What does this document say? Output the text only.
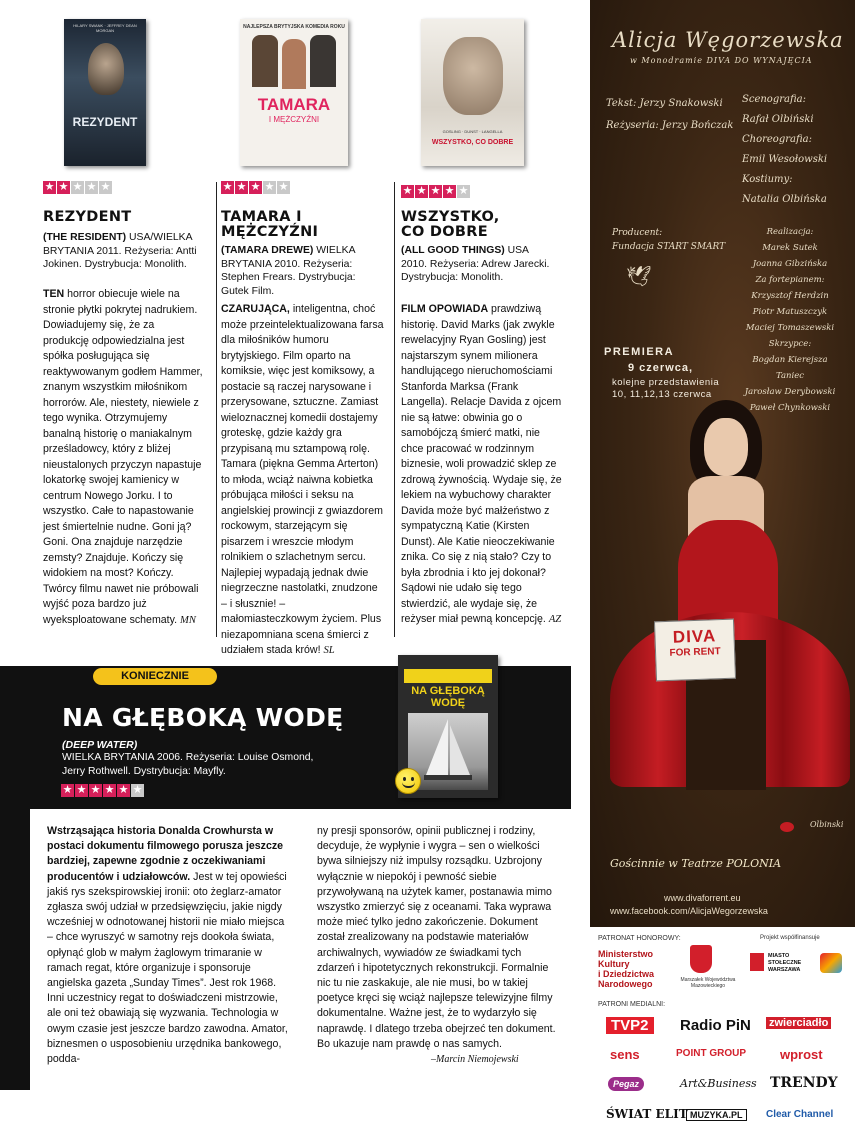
HILARY SWANK · JEFFREY DEAN MORGAN
REZYDENT
★ ★ ★ ★ ★
REZYDENT
(THE RESIDENT) USA/WIELKA BRYTANIA 2011. Reżyseria: Antti Jokinen. Dystrybucja: Monolith.
TEN horror obiecuje wiele na stronie płytki pokrytej nadrukiem. Dowiadujemy się, że za produkcję odpowiedzialna jest spółka posługująca się reaktywowanym godłem Hammer, znanym wszystkim miłośnikom horrorów. Ale, niestety, niewiele z tego wynika. Otrzymujemy banalną historię o maniakalnym prześladowcy, który z bliżej nieustalonych przyczyn napastuje lokatorkę swojej kamienicy w centrum Nowego Jorku. I to wszystko. Całe to napastowanie jest śmiertelnie nudne. Goni ją? Goni. Ona znajduje narzędzie zemsty? Znajduje. Kończy się widokiem na most? Kończy. Twórcy filmu nawet nie próbowali wyjść poza bardzo już wyeksploatowane schematy. MN
NAJLEPSZA BRYTYJSKA KOMEDIA ROKU
TAMARA
I MĘŻCZYŹNI
★ ★ ★ ★ ★
TAMARA I MĘŻCZYŹNI
(TAMARA DREWE) WIELKA BRYTANIA 2010. Reżyseria: Stephen Frears. Dystrybucja: Gutek Film.
CZARUJĄCA, inteligentna, choć może przeintelektualizowana farsa dla miłośników humoru brytyjskiego. Film oparto na komiksie, więc jest komiksowy, a postacie są raczej narysowane i przerysowane, sztuczne. Zamiast wieloznacznej komedii dostajemy groteskę, gdzie każdy gra przypisaną mu sztampową rolę. Tamara (piękna Gemma Arterton) to młoda, wciąż naiwna kobietka próbująca miłości i seksu na angielskiej prowincji z gwiazdorem rockowym, starzejącym się pisarzem i wreszcie młodym rolnikiem o szlachetnym sercu. Najlepiej wypadają jednak dwie niegrzeczne nastolatki, znudzone – i słusznie! – małomiasteczkowym życiem. Plus niezapomniana scena śmierci z udziałem stada krów! SL
GOSLING · DUNST · LANGELLA
WSZYSTKO, CO DOBRE
★ ★ ★ ★ ★
WSZYSTKO, CO DOBRE
(ALL GOOD THINGS) USA 2010. Reżyseria: Adrew Jarecki. Dystrybucja: Monolith.
FILM OPOWIADA prawdziwą historię. David Marks (jak zwykle rewelacyjny Ryan Gosling) jest najstarszym synem milionera handlującego nieruchomościami Stanforda Marksa (Frank Langella). Relacje Davida z ojcem nie są łatwe: obwinia go o samobójczą śmierć matki, nie chce pracować w rodzinnym biznesie, woli prowadzić sklep ze zdrową żywnością. Wydaje się, że lekiem na wybuchowy charakter Davida może być małżeństwo z sympatyczną Katie (Kirsten Dunst). Ale Katie nieoczekiwanie znika. Co się z nią stało? Czy to była zbrodnia i kto jej dokonał? Sądowi nie udało się tego stwierdzić, ale wydaje się, że reżyser miał pewną koncepcję. AZ
KONIECZNIE
NA GŁĘBOKĄ WODĘ
(DEEP WATER)
WIELKA BRYTANIA 2006. Reżyseria: Louise Osmond, Jerry Rothwell. Dystrybucja: Mayfly.
★ ★ ★ ★ ★ ★
NA GŁĘBOKĄ WODĘ
Wstrząsająca historia Donalda Crowhursta w postaci dokumentu filmowego porusza jeszcze bardziej, zapewne zgodnie z oczekiwaniami producentów i udziałowców. Jest w tej opowieści jakiś rys szekspirowskiej ironii: oto żeglarz-amator zgłasza swój udział w przedsięwzięciu, jakie nigdy wcześniej w odnotowanej historii nie miało miejsca – chce wyruszyć w samotny rejs dookoła świata, opłynąć glob w małym żaglowym trimaranie w ramach regat, które organizuje i sponsoruje angielska gazeta „Sunday Times”. Jest rok 1968. Inni uczestnicy regat to doświadczeni mistrzowie, ale oni też obawiają się wyzwania. Technologia w owym czasie jest jeszcze bardzo zawodna. Amator, biznesmen o usposobieniu urzędnika bankowego, podda-
ny presji sponsorów, opinii publicznej i rodziny, decyduje, że wypłynie i wygra – sen o wielkości bywa silniejszy niż impulsy rozsądku. Uzbrojony wyłącznie w niepokój i pewność siebie przywoływaną na użytek kamer, postanawia mimo wszystko zmierzyć się z oceanami. Taka wyprawa może mieć tylko jedno zakończenie. Dokument został zrealizowany na podstawie materiałów archiwalnych, wywiadów ze świadkami tych zdarzeń i hipotetycznych rekonstrukcji. Formalnie nic tu nie zaskakuje, ale nie musi, bo w takiej poetyce kręci się wciąż najlepsze telewizyjne filmy dokumentalne. Ważne jest, że to wydarzyło się naprawdę. I dlatego trzeba obejrzeć ten dokument. Bo ukazuje nam prawdę o nas samych.
–Marcin Niemojewski
Alicja Węgorzewska
w Monodramie DIVA DO WYNAJĘCIA
Tekst: Jerzy Snakowski
Reżyseria: Jerzy Bończak
Scenografia:
Rafał Olbiński
Choreografia:
Emil Wesołowski
Kostiumy:
Natalia Olbińska
Producent:
Fundacja START SMART
🕊
Realizacja:
Marek Sutek
Joanna Gibzińska
Za fortepianem:
Krzysztof Herdzin
Piotr Matuszczyk
Maciej Tomaszewski
Skrzypce:
Bogdan Kierejsza
Taniec
Jarosław Derybowski
Paweł Chynkowski
PREMIERA
9 czerwca,
kolejne przedstawienia
10, 11,12,13 czerwca
DIVA
FOR RENT
Olbinski
Gościnnie w Teatrze POLONIA
www.divaforrent.eu
www.facebook.com/AlicjaWegorzewska
PATRONAT HONOROWY:
Ministerstwo
Kultury
i Dziedzictwa
Narodowego	Marszałek Województwa Mazowieckiego
Projekt współfinansuje
MIASTO STOŁECZNE WARSZAWA
PATRONI MEDIALNI:
TVP2	Radio PiN zwierciadło
sens	POINT GROUP	wprost
Pegaz	Art&Business TRENDY
ŚWIAT ELIT MUZYKA.PL	Clear Channel
